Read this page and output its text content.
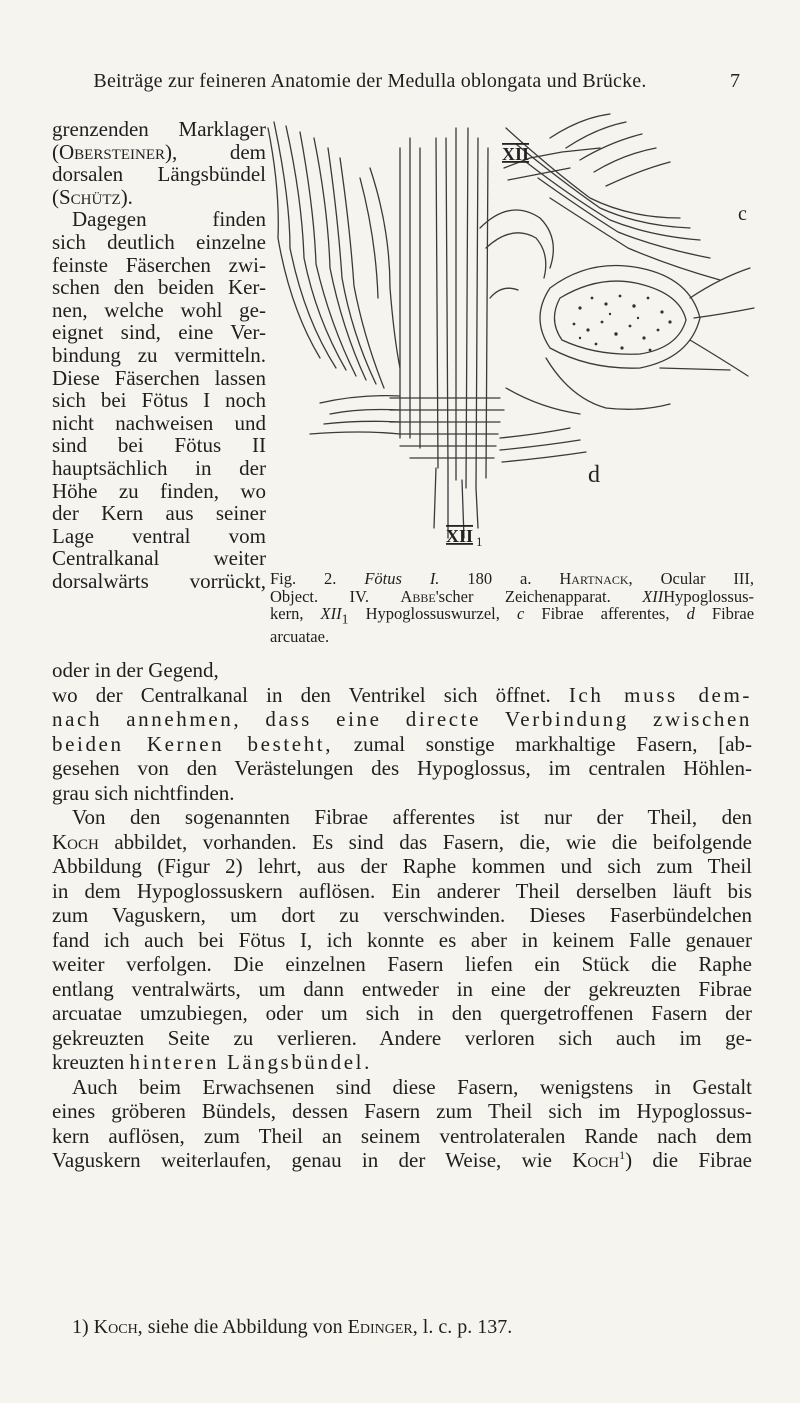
Beiträge zur feineren Anatomie der Medulla oblongata und Brücke.	7
grenzenden Marklager
(Obersteiner), dem
dorsalen Längsbündel
(Schütz).
Dagegen finden
sich deutlich einzelne
feinste Fäserchen zwi-
schen den beiden Ker-
nen, welche wohl ge-
eignet sind, eine Ver-
bindung zu vermitteln.
Diese Fäserchen lassen
sich bei Fötus I noch
nicht nachweisen und
sind bei Fötus II
hauptsächlich in der
Höhe zu finden, wo
der Kern aus seiner
Lage ventral vom
Centralkanal weiter
dorsalwärts vorrückt,
XII
c
d
XII 1
Fig. 2. Fötus I. 180 a. Hartnack, Ocular III,
Object. IV. Abbe'scher Zeichenapparat. XIIHypoglossus-
kern, $XII_1$ Hypoglossuswurzel, c Fibrae afferentes, d Fibrae
arcuatae.
oder in der Gegend,
wo der Centralkanal in den Ventrikel sich öffnet. Ich muss dem-
nach annehmen, dass eine directe Verbindung zwischen
beiden Kernen besteht, zumal sonstige markhaltige Fasern, [ab-
gesehen von den Verästelungen des Hypoglossus, im centralen Höhlen-
grau sich nichtfinden.
Von den sogenannten Fibrae afferentes ist nur der Theil, den
Koch abbildet, vorhanden. Es sind das Fasern, die, wie die beifolgende
Abbildung (Figur 2) lehrt, aus der Raphe kommen und sich zum Theil
in dem Hypoglossuskern auflösen. Ein anderer Theil derselben läuft bis
zum Vaguskern, um dort zu verschwinden. Dieses Faserbündelchen
fand ich auch bei Fötus I, ich konnte es aber in keinem Falle genauer
weiter verfolgen. Die einzelnen Fasern liefen ein Stück die Raphe
entlang ventralwärts, um dann entweder in eine der gekreuzten Fibrae
arcuatae umzubiegen, oder um sich in den quergetroffenen Fasern der
gekreuzten Seite zu verlieren. Andere verloren sich auch im ge-
kreuzten hinteren Längsbündel.
Auch beim Erwachsenen sind diese Fasern, wenigstens in Gestalt
eines gröberen Bündels, dessen Fasern zum Theil sich im Hypoglossus-
kern auflösen, zum Theil an seinem ventrolateralen Rande nach dem
Vaguskern weiterlaufen, genau in der Weise, wie Koch$^1$) die Fibrae
1) Koch, siehe die Abbildung von Edinger, l. c. p. 137.
